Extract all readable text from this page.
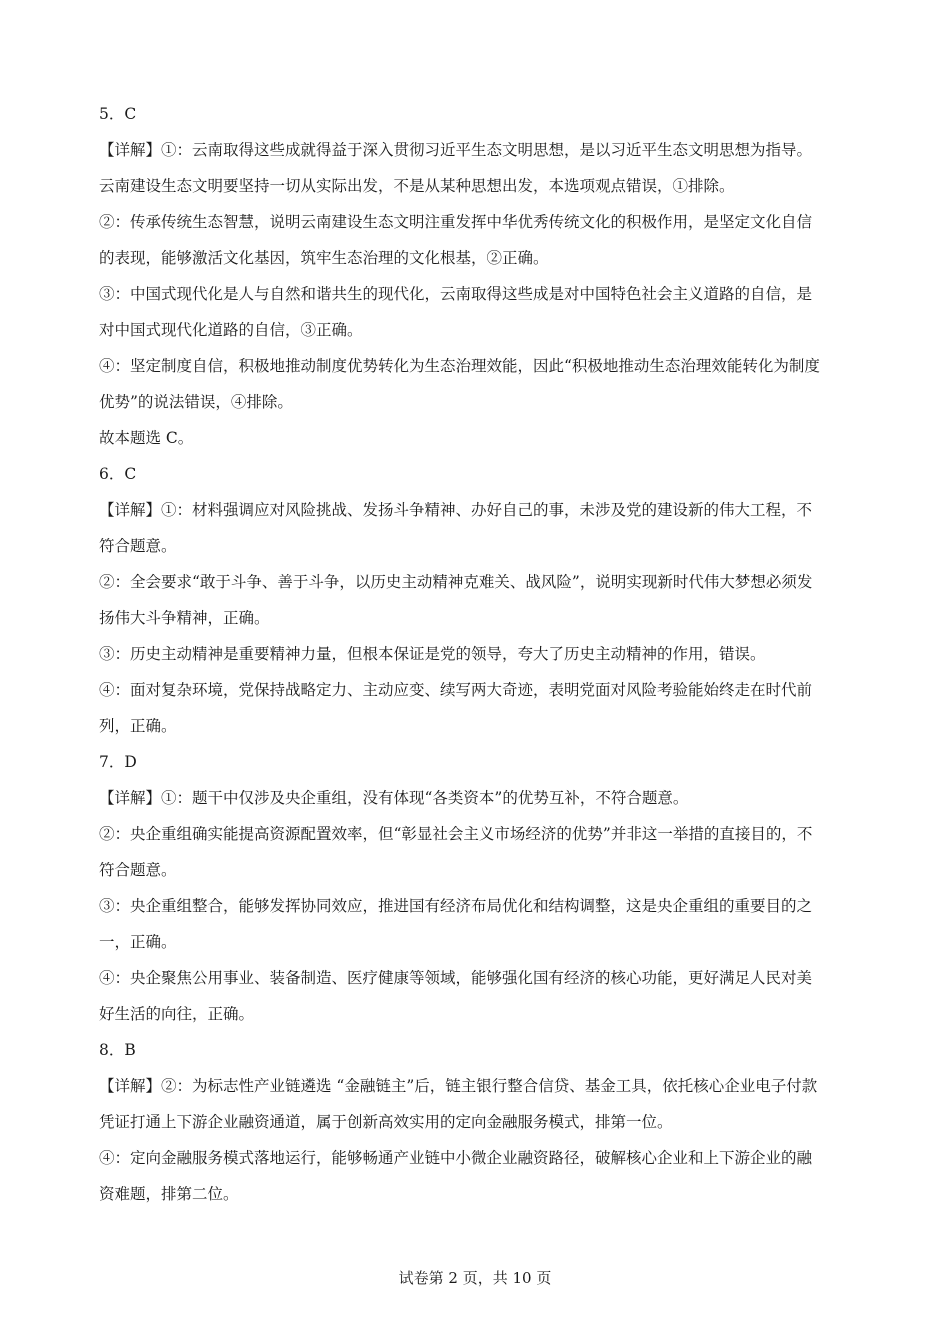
5．C
【详解】①：云南取得这些成就得益于深入贯彻习近平生态文明思想，是以习近平生态文明思想为指导。
云南建设生态文明要坚持一切从实际出发，不是从某种思想出发，本选项观点错误，①排除。
②：传承传统生态智慧，说明云南建设生态文明注重发挥中华优秀传统文化的积极作用，是坚定文化自信
的表现，能够激活文化基因，筑牢生态治理的文化根基，②正确。
③：中国式现代化是人与自然和谐共生的现代化，云南取得这些成是对中国特色社会主义道路的自信，是
对中国式现代化道路的自信，③正确。
④：坚定制度自信，积极地推动制度优势转化为生态治理效能，因此“积极地推动生态治理效能转化为制度
优势”的说法错误，④排除。
故本题选 C。
6．C
【详解】①：材料强调应对风险挑战、发扬斗争精神、办好自己的事，未涉及党的建设新的伟大工程，不
符合题意。
②：全会要求“敢于斗争、善于斗争，以历史主动精神克难关、战风险”，说明实现新时代伟大梦想必须发
扬伟大斗争精神，正确。
③：历史主动精神是重要精神力量，但根本保证是党的领导，夸大了历史主动精神的作用，错误。
④：面对复杂环境，党保持战略定力、主动应变、续写两大奇迹，表明党面对风险考验能始终走在时代前
列，正确。
7．D
【详解】①：题干中仅涉及央企重组，没有体现“各类资本”的优势互补，不符合题意。
②：央企重组确实能提高资源配置效率，但“彰显社会主义市场经济的优势”并非这一举措的直接目的，不
符合题意。
③：央企重组整合，能够发挥协同效应，推进国有经济布局优化和结构调整，这是央企重组的重要目的之
一，正确。
④：央企聚焦公用事业、装备制造、医疗健康等领域，能够强化国有经济的核心功能，更好满足人民对美
好生活的向往，正确。
8．B
【详解】②：为标志性产业链遴选 “金融链主”后，链主银行整合信贷、基金工具，依托核心企业电子付款
凭证打通上下游企业融资通道，属于创新高效实用的定向金融服务模式，排第一位。
④：定向金融服务模式落地运行，能够畅通产业链中小微企业融资路径，破解核心企业和上下游企业的融
资难题，排第二位。
试卷第 2 页，共 10 页
